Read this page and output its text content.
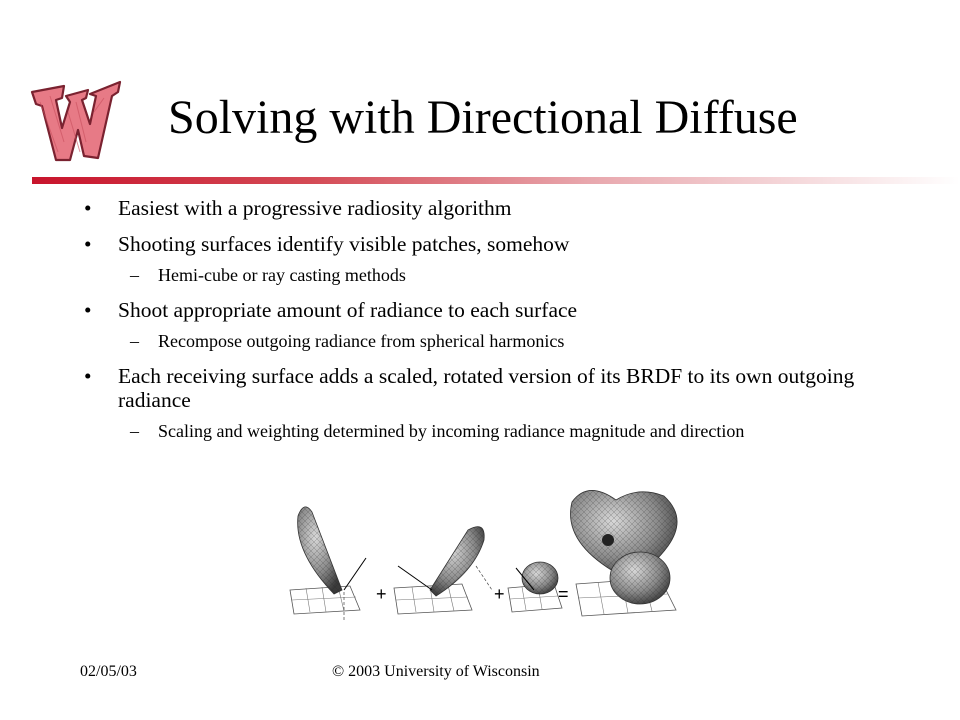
Solving with Directional Diffuse
• Easiest with a progressive radiosity algorithm
• Shooting surfaces identify visible patches, somehow
– Hemi-cube or ray casting methods
• Shoot appropriate amount of radiance to each surface
– Recompose outgoing radiance from spherical harmonics
• Each receiving surface adds a scaled, rotated version of its BRDF to its own outgoing radiance
– Scaling and weighting determined by incoming radiance magnitude and direction
+	+	=
02/05/03	© 2003 University of Wisconsin
